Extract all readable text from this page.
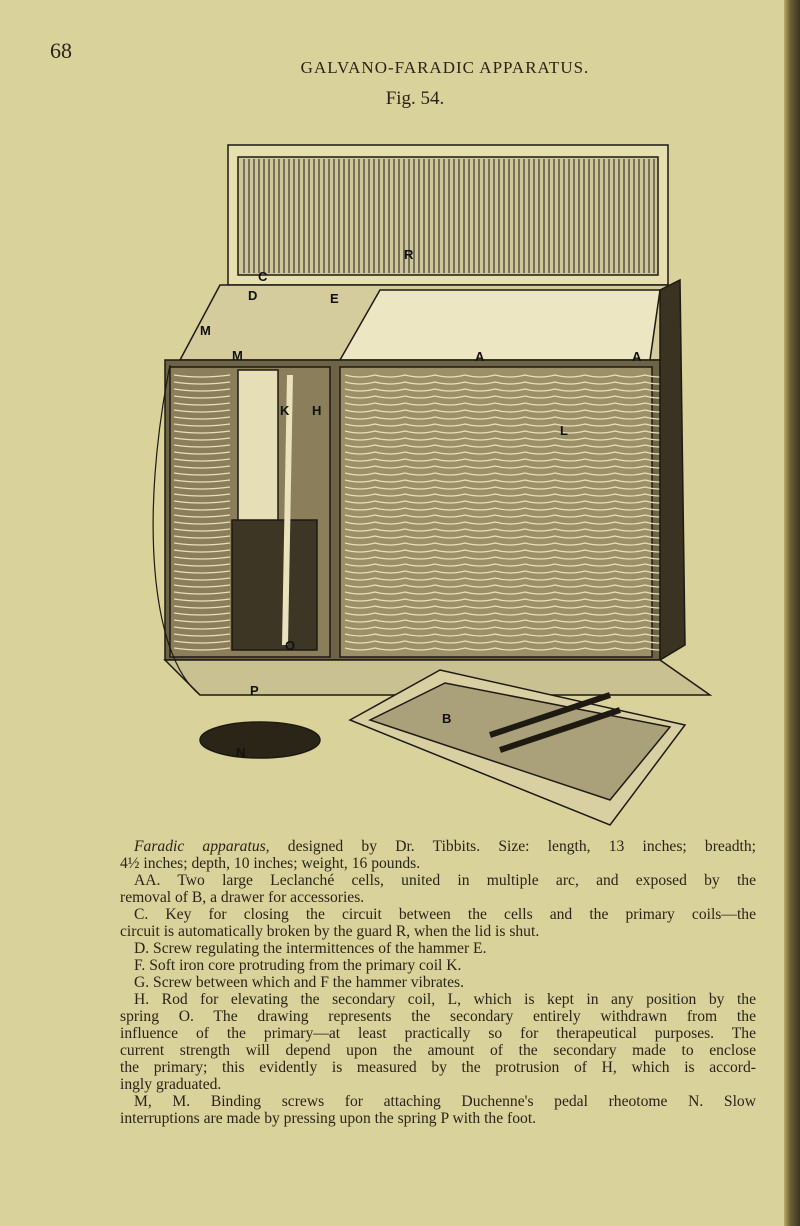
68
GALVANO-FARADIC APPARATUS.
Fig. 54.
C
R
M
M
K H
D	E
O
L
A	A
B
P
N
Faradic apparatus, designed by Dr. Tibbits. Size: length, 13 inches; breadth;
4½ inches; depth, 10 inches; weight, 16 pounds.
AA. Two large Leclanché cells, united in multiple arc, and exposed by the
removal of B, a drawer for accessories.
C. Key for closing the circuit between the cells and the primary coils—the
circuit is automatically broken by the guard R, when the lid is shut.
D. Screw regulating the intermittences of the hammer E.
F. Soft iron core protruding from the primary coil K.
G. Screw between which and F the hammer vibrates.
H. Rod for elevating the secondary coil, L, which is kept in any position by the
spring O. The drawing represents the secondary entirely withdrawn from the
influence of the primary—at least practically so for therapeutical purposes. The
current strength will depend upon the amount of the secondary made to enclose
the primary; this evidently is measured by the protrusion of H, which is accord-
ingly graduated.
M, M. Binding screws for attaching Duchenne's pedal rheotome N. Slow
interruptions are made by pressing upon the spring P with the foot.
